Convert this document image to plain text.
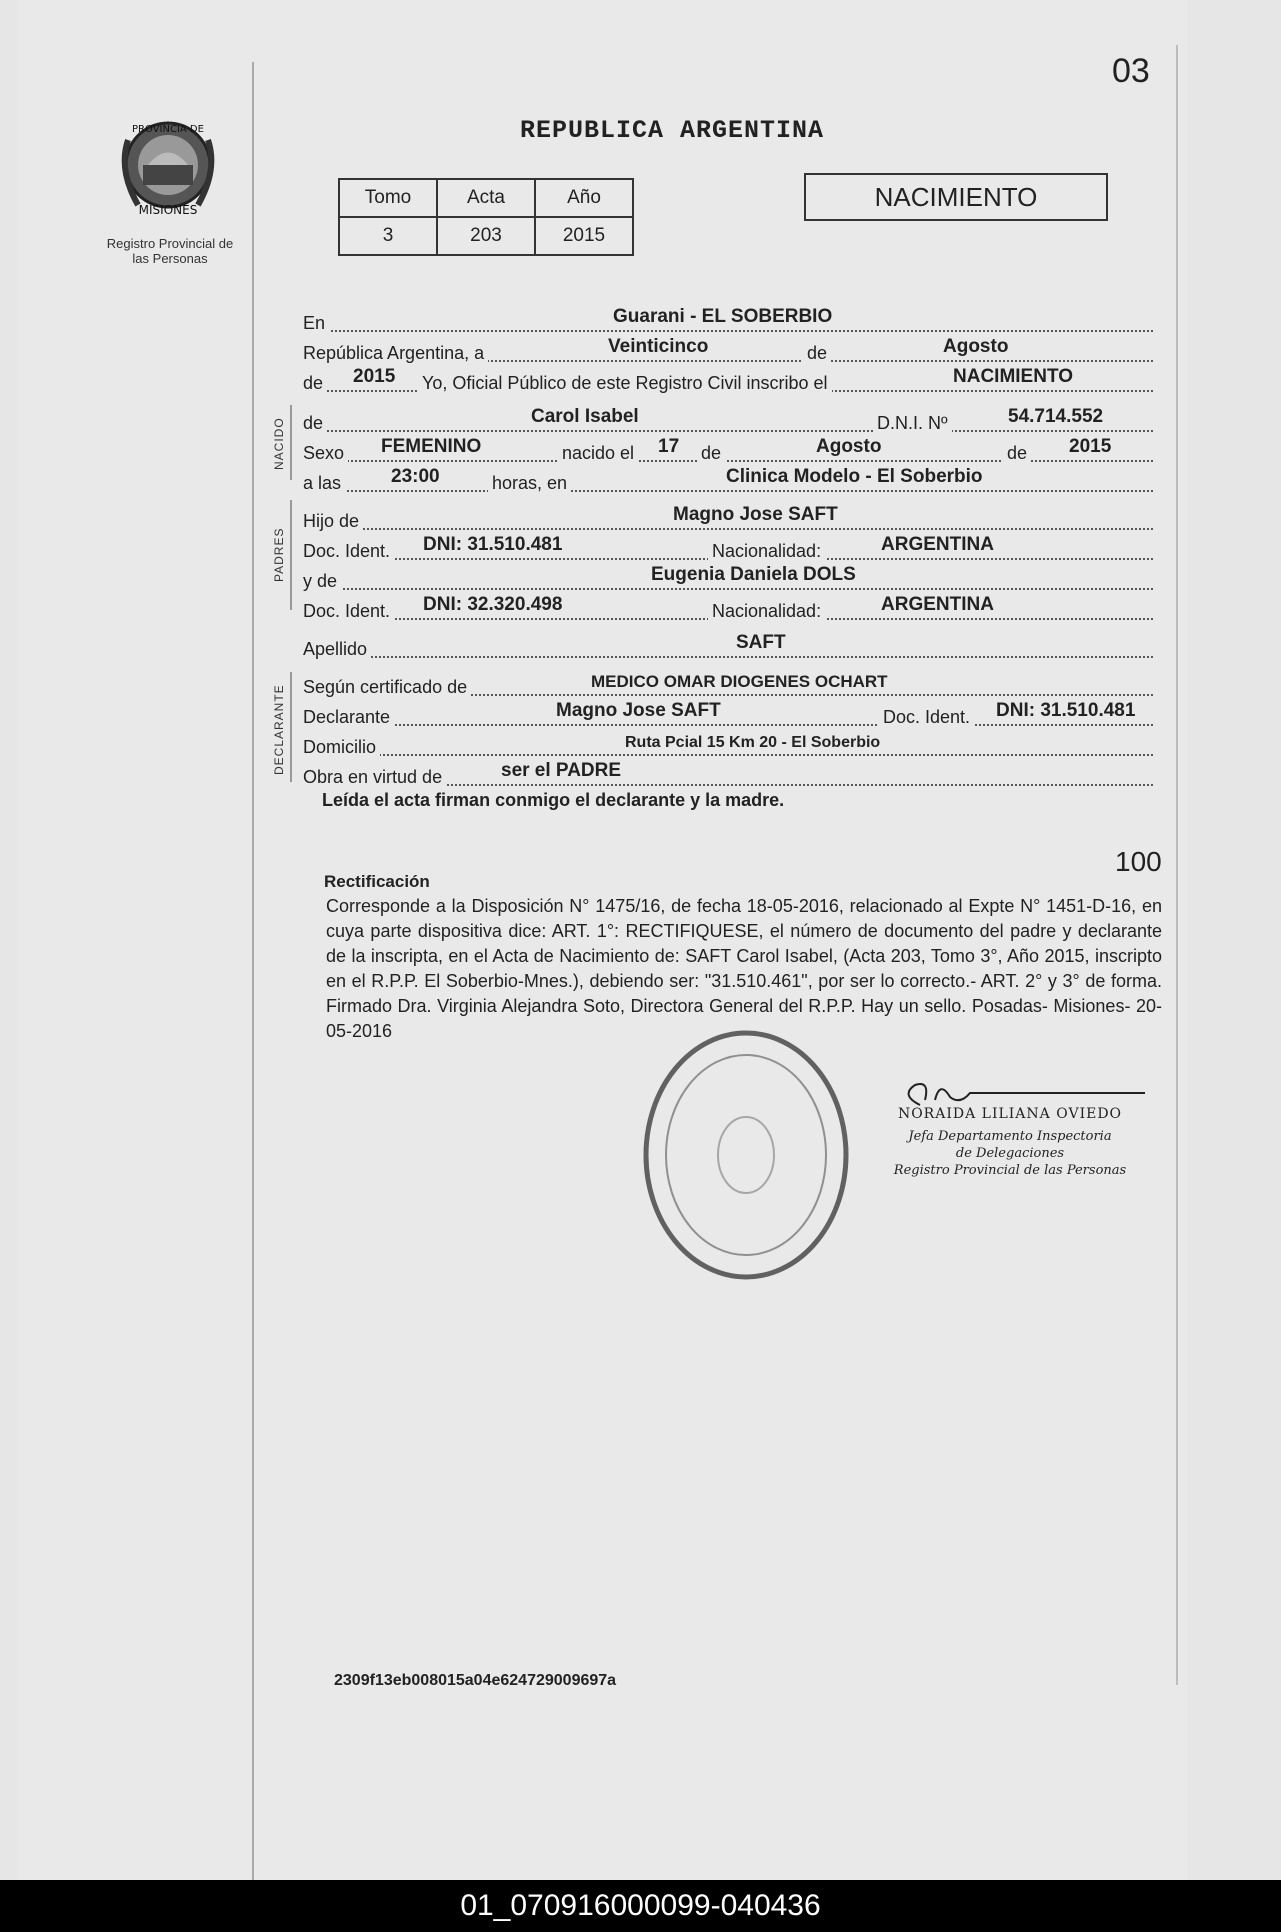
03
PROVINCIA DE
MISIONES
Registro Provincial de las Personas
REPUBLICA ARGENTINA
Tomo	Acta	Año
3	203	2015
NACIMIENTO
NACIDO
PADRES
DECLARANTE
En	Guarani - EL SOBERBIO
República Argentina, a	Veinticinco	de	Agosto
de 2015 Yo, Oficial Público de este Registro Civil inscribo el	NACIMIENTO
de	Carol Isabel	D.N.I. Nº	54.714.552
Sexo FEMENINO	nacido el 17 de	Agosto	de 2015
a las	23:00	horas, en	Clinica Modelo - El Soberbio
Hijo de	Magno Jose SAFT
Doc. Ident. DNI: 31.510.481	Nacionalidad:	ARGENTINA
y de	Eugenia Daniela DOLS
Doc. Ident. DNI: 32.320.498	Nacionalidad:	ARGENTINA
Apellido	SAFT
Según certificado de	MEDICO OMAR DIOGENES OCHART
Declarante	Magno Jose SAFT	Doc. Ident. DNI: 31.510.481
Domicilio	Ruta Pcial 15 Km 20 - El Soberbio
Obra en virtud de	ser el PADRE
Leída el acta firman conmigo el declarante y la madre.
100
Rectificación
Corresponde a la Disposición N° 1475/16, de fecha 18-05-2016, relacionado al Expte N° 1451-D-16, en cuya parte dispositiva dice: ART. 1°: RECTIFIQUESE, el número de documento del padre y declarante de la inscripta, en el Acta de Nacimiento de: SAFT Carol Isabel, (Acta 203, Tomo 3°, Año 2015, inscripto en el R.P.P. El Soberbio-Mnes.), debiendo ser: "31.510.461", por ser lo correcto.- ART. 2° y 3° de forma. Firmado Dra. Virginia Alejandra Soto, Directora General del R.P.P. Hay un sello. Posadas- Misiones- 20-05-2016
NORAIDA LILIANA OVIEDO
Jefa Departamento Inspectoria
de Delegaciones
Registro Provincial de las Personas
2309f13eb008015a04e624729009697a
01_070916000099-040436
